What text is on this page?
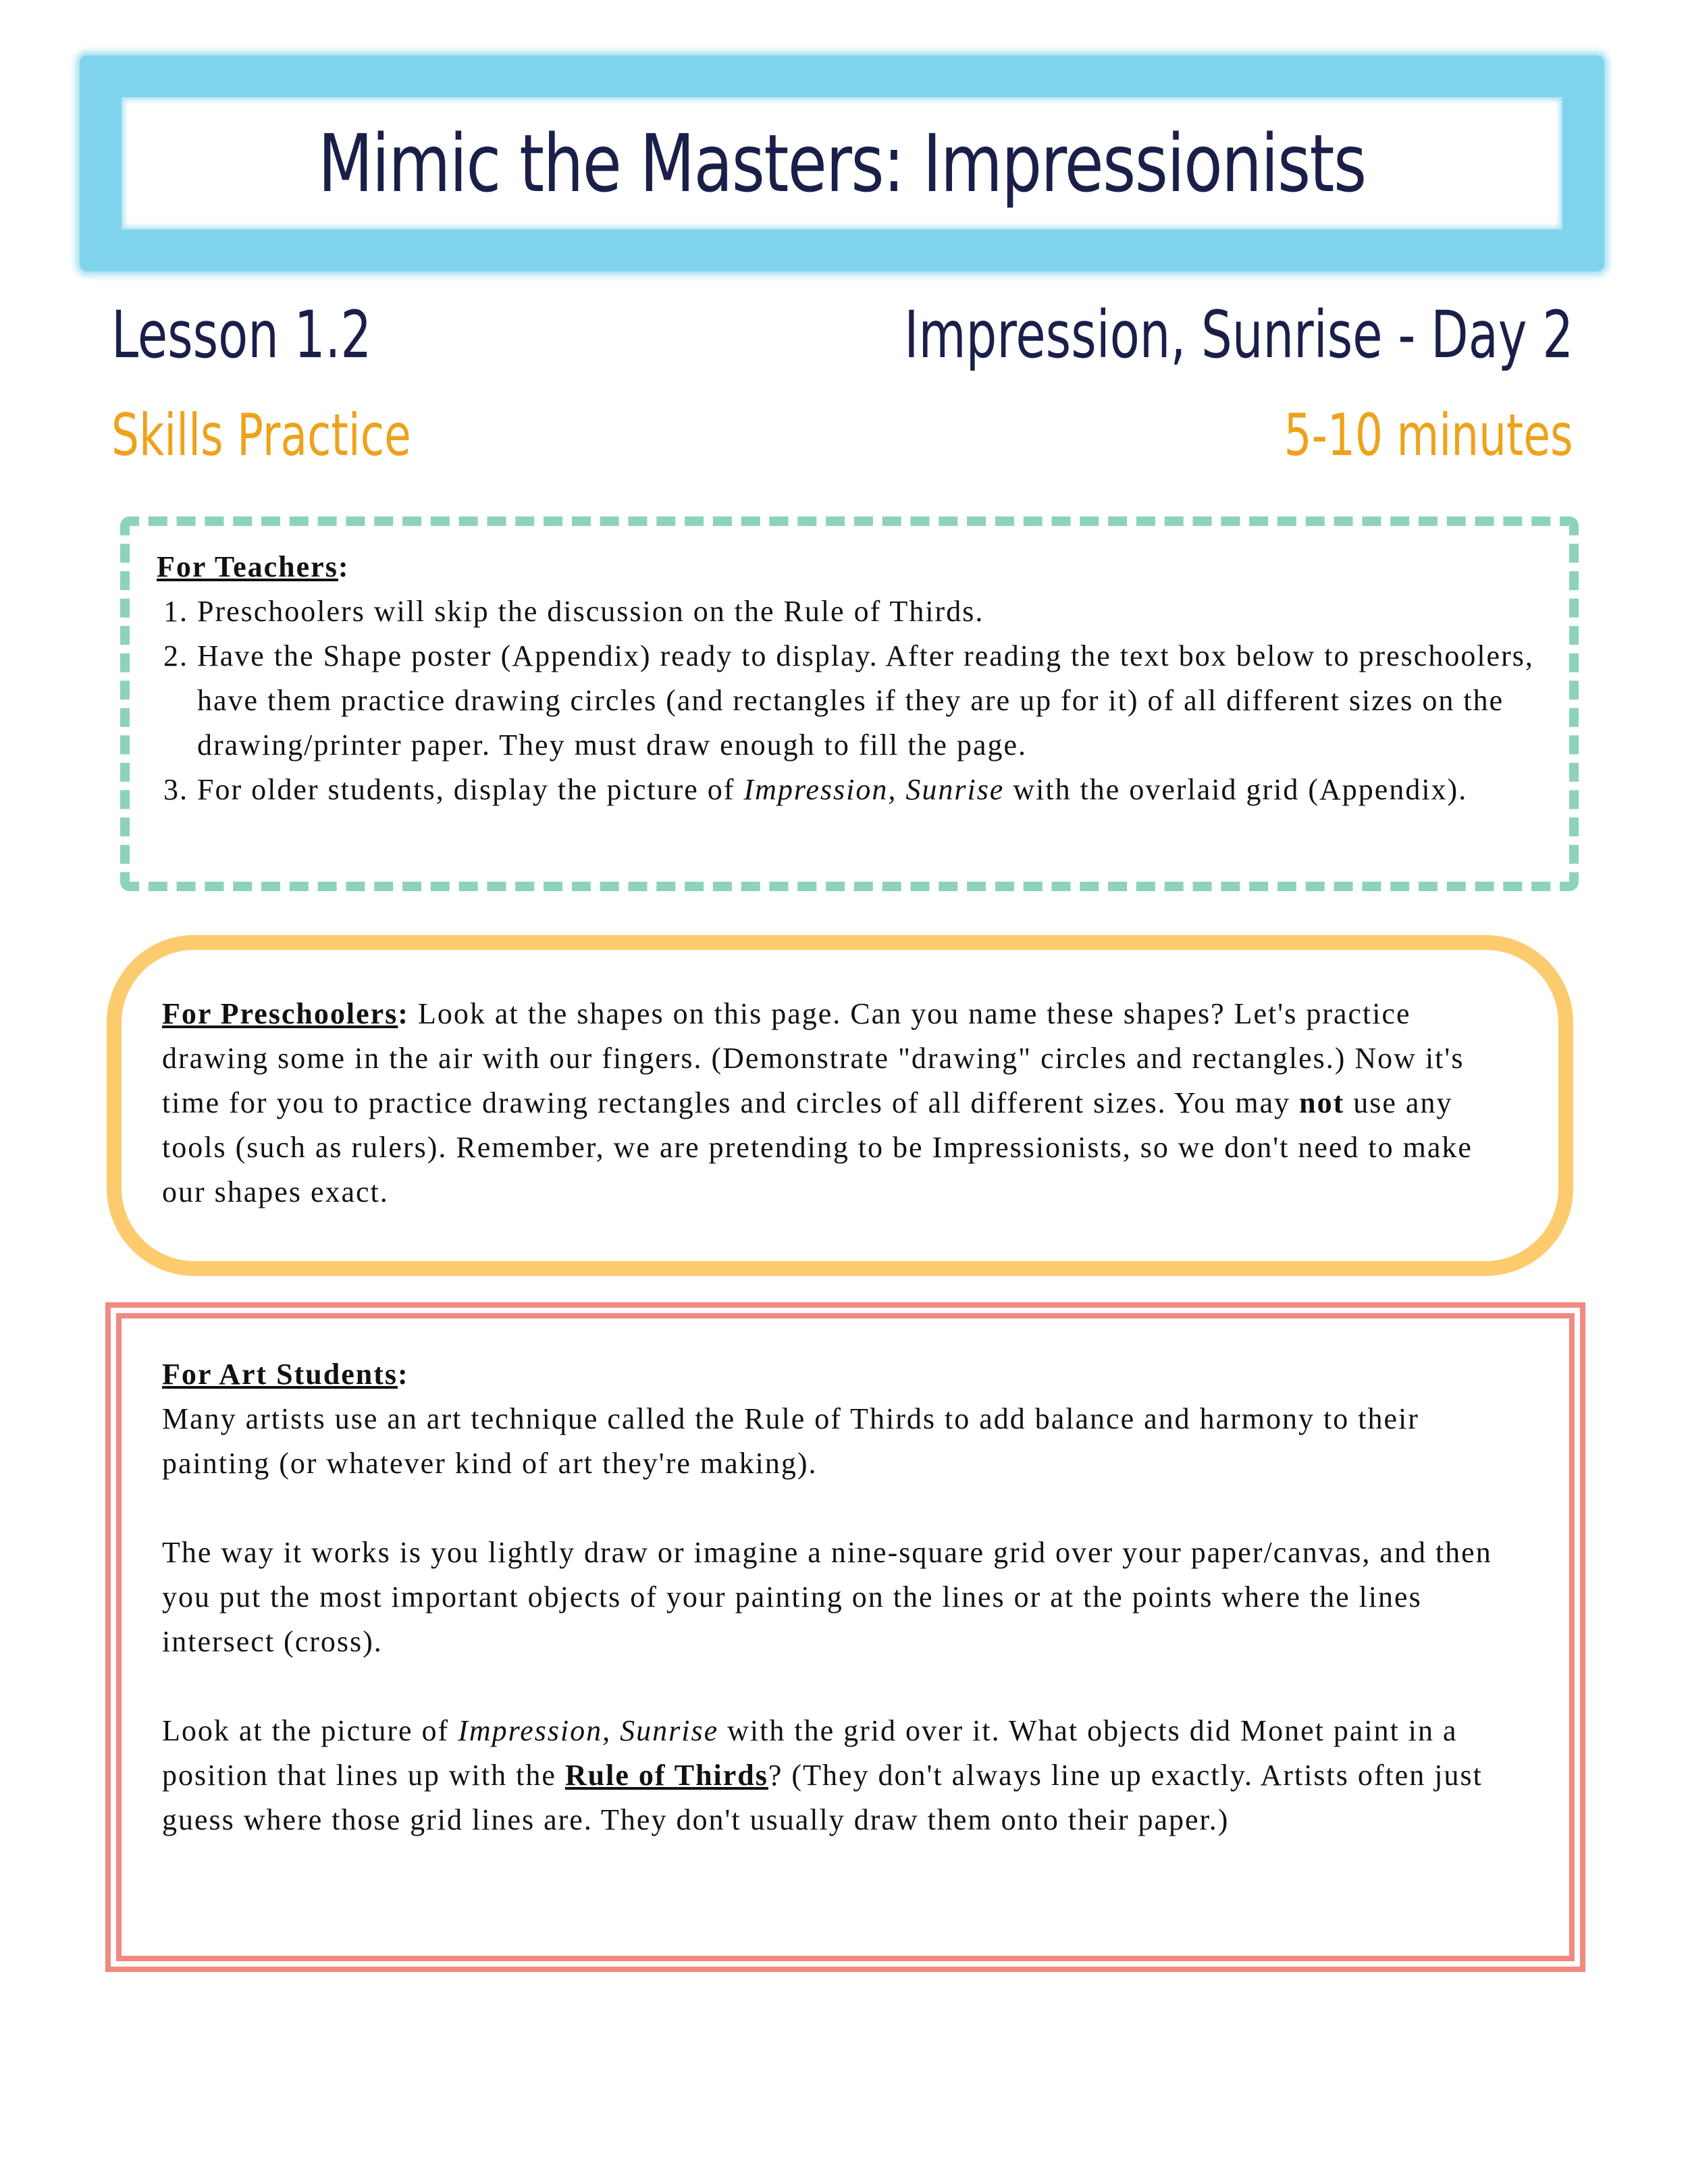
Mimic the Masters: Impressionists
Lesson 1.2	Impression, Sunrise - Day 2
Skills Practice	5-10 minutes
For Teachers:
1. Preschoolers will skip the discussion on the Rule of Thirds.
2. Have the Shape poster (Appendix) ready to display. After reading the text box below to preschoolers, have them practice drawing circles (and rectangles if they are up for it) of all different sizes on the drawing/printer paper. They must draw enough to fill the page.
3. For older students, display the picture of Impression, Sunrise with the overlaid grid (Appendix).

For Preschoolers: Look at the shapes on this page. Can you name these shapes? Let's practice drawing some in the air with our fingers. (Demonstrate "drawing" circles and rectangles.) Now it's time for you to practice drawing rectangles and circles of all different sizes. You may not use any tools (such as rulers). Remember, we are pretending to be Impressionists, so we don't need to make our shapes exact.

For Art Students:

Many artists use an art technique called the Rule of Thirds to add balance and harmony to their painting (or whatever kind of art they're making).

The way it works is you lightly draw or imagine a nine-square grid over your paper/canvas, and then you put the most important objects of your painting on the lines or at the points where the lines intersect (cross).

Look at the picture of Impression, Sunrise with the grid over it. What objects did Monet paint in a position that lines up with the Rule of Thirds? (They don't always line up exactly. Artists often just guess where those grid lines are. They don't usually draw them onto their paper.)
